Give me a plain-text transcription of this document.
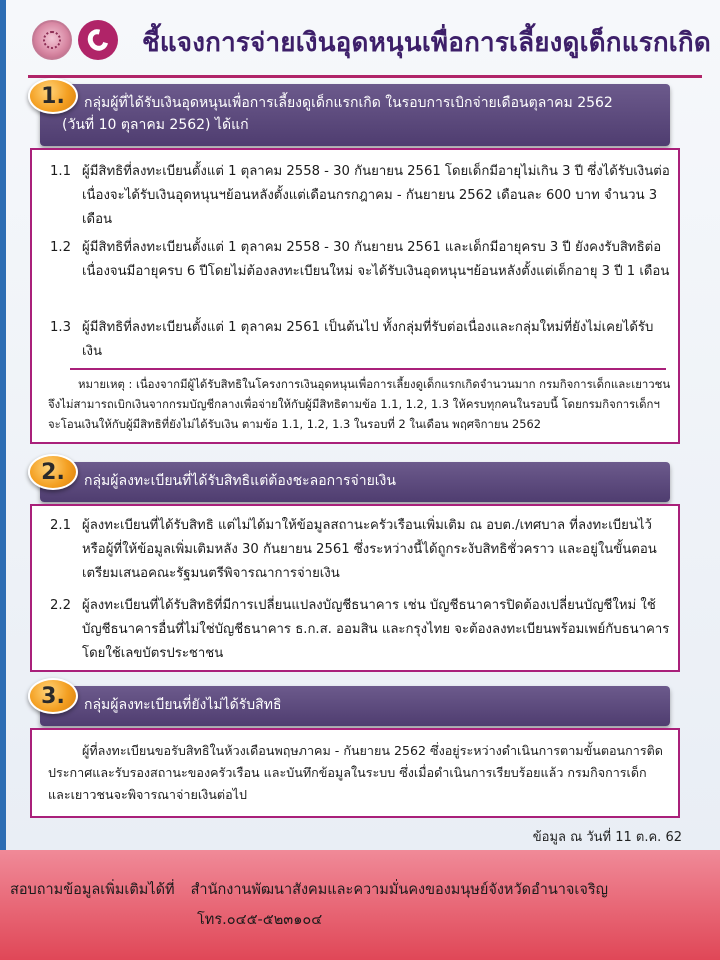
ชี้แจงการจ่ายเงินอุดหนุนเพื่อการเลี้ยงดูเด็กแรกเกิด
1.	กลุ่มผู้ที่ได้รับเงินอุดหนุนเพื่อการเลี้ยงดูเด็กแรกเกิด ในรอบการเบิกจ่ายเดือนตุลาคม 2562
(วันที่ 10 ตุลาคม 2562) ได้แก่
1.1 ผู้มีสิทธิที่ลงทะเบียนตั้งแต่ 1 ตุลาคม 2558 - 30 กันยายน 2561 โดยเด็กมีอายุไม่เกิน 3 ปี ซึ่งได้รับเงินต่อเนื่องจะได้รับเงินอุดหนุนฯย้อนหลังตั้งแต่เดือนกรกฎาคม - กันยายน 2562 เดือนละ 600 บาท จำนวน 3 เดือน
1.2 ผู้มีสิทธิที่ลงทะเบียนตั้งแต่ 1 ตุลาคม 2558 - 30 กันยายน 2561 และเด็กมีอายุครบ 3 ปี ยังคงรับสิทธิต่อเนื่องจนมีอายุครบ 6 ปีโดยไม่ต้องลงทะเบียนใหม่ จะได้รับเงินอุดหนุนฯย้อนหลังตั้งแต่เด็กอายุ 3 ปี 1 เดือน
1.3 ผู้มีสิทธิที่ลงทะเบียนตั้งแต่ 1 ตุลาคม 2561 เป็นต้นไป ทั้งกลุ่มที่รับต่อเนื่องและกลุ่มใหม่ที่ยังไม่เคยได้รับเงิน
หมายเหตุ : เนื่องจากมีผู้ได้รับสิทธิในโครงการเงินอุดหนุนเพื่อการเลี้ยงดูเด็กแรกเกิดจำนวนมาก กรมกิจการเด็กและเยาวชนจึงไม่สามารถเบิกเงินจากกรมบัญชีกลางเพื่อจ่ายให้กับผู้มีสิทธิตามข้อ 1.1, 1.2, 1.3 ให้ครบทุกคนในรอบนี้ โดยกรมกิจการเด็กฯจะโอนเงินให้กับผู้มีสิทธิที่ยังไม่ได้รับเงิน ตามข้อ 1.1, 1.2, 1.3 ในรอบที่ 2 ในเดือน พฤศจิกายน 2562
2.	กลุ่มผู้ลงทะเบียนที่ได้รับสิทธิแต่ต้องชะลอการจ่ายเงิน
2.1 ผู้ลงทะเบียนที่ได้รับสิทธิ แต่ไม่ได้มาให้ข้อมูลสถานะครัวเรือนเพิ่มเติม ณ อบต./เทศบาล ที่ลงทะเบียนไว้ หรือผู้ที่ให้ข้อมูลเพิ่มเติมหลัง 30 กันยายน 2561 ซึ่งระหว่างนี้ได้ถูกระงับสิทธิชั่วคราว และอยู่ในขั้นตอนเตรียมเสนอคณะรัฐมนตรีพิจารณาการจ่ายเงิน
2.2 ผู้ลงทะเบียนที่ได้รับสิทธิที่มีการเปลี่ยนแปลงบัญชีธนาคาร เช่น บัญชีธนาคารปิดต้องเปลี่ยนบัญชีใหม่ ใช้บัญชีธนาคารอื่นที่ไม่ใช่บัญชีธนาคาร ธ.ก.ส. ออมสิน และกรุงไทย จะต้องลงทะเบียนพร้อมเพย์กับธนาคารโดยใช้เลขบัตรประชาชน
3.	กลุ่มผู้ลงทะเบียนที่ยังไม่ได้รับสิทธิ
ผู้ที่ลงทะเบียนขอรับสิทธิในห้วงเดือนพฤษภาคม - กันยายน 2562 ซึ่งอยู่ระหว่างดำเนินการตามขั้นตอนการติดประกาศและรับรองสถานะของครัวเรือน และบันทึกข้อมูลในระบบ ซึ่งเมื่อดำเนินการเรียบร้อยแล้ว กรมกิจการเด็กและเยาวชนจะพิจารณาจ่ายเงินต่อไป
ข้อมูล ณ วันที่ 11 ต.ค. 62
สอบถามข้อมูลเพิ่มเติมได้ที่ สำนักงานพัฒนาสังคมและความมั่นคงของมนุษย์จังหวัดอำนาจเจริญ
โทร.๐๔๕-๕๒๓๑๐๔
